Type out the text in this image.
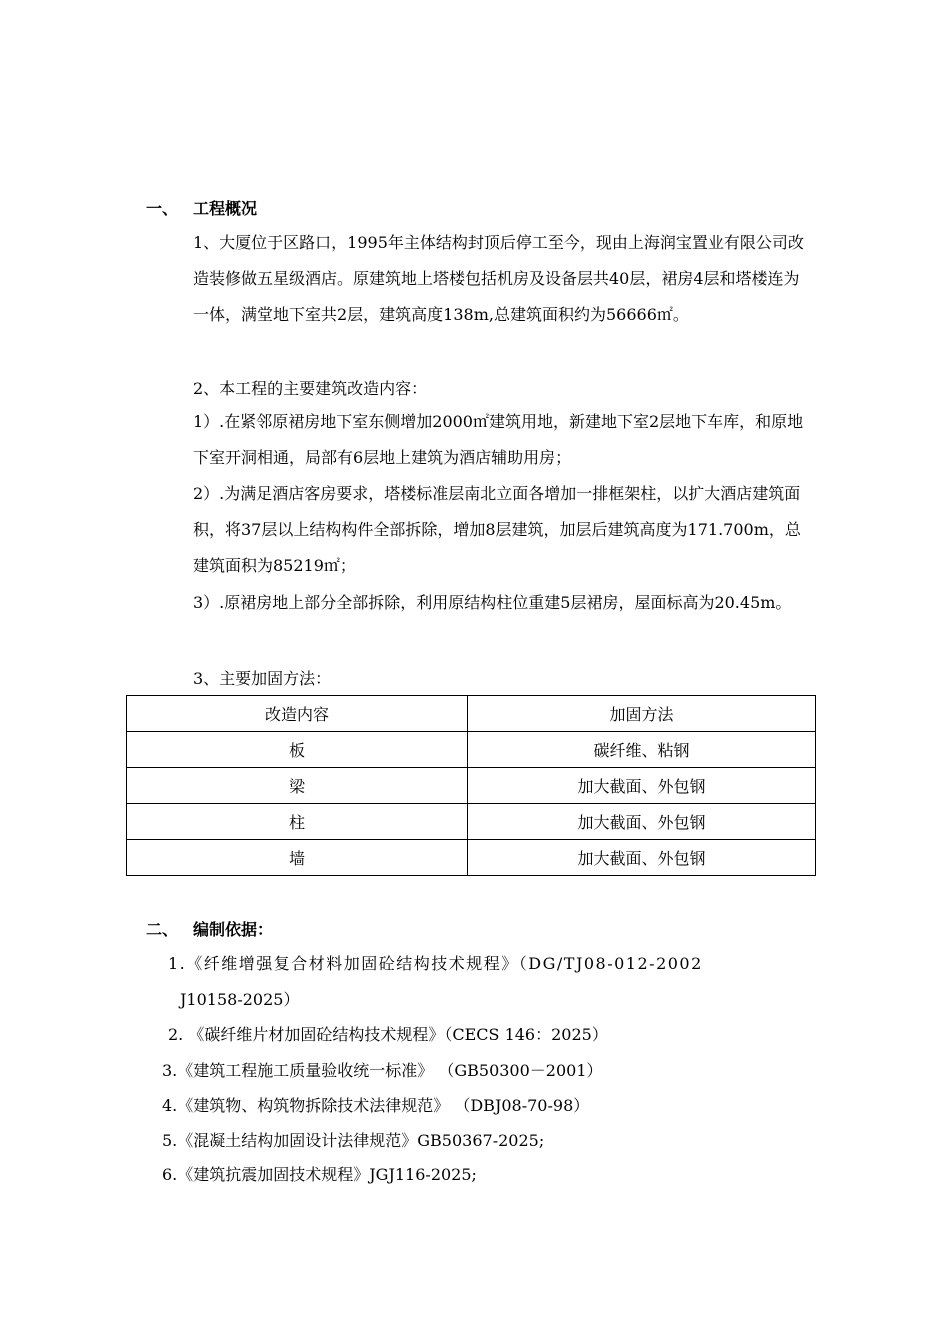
一、 工程概况
1、大厦位于区路口，1995年主体结构封顶后停工至今，现由上海润宝置业有限公司改造装修做五星级酒店。原建筑地上塔楼包括机房及设备层共40层，裙房4层和塔楼连为一体，满堂地下室共2层，建筑高度138m,总建筑面积约为56666㎡。
2、本工程的主要建筑改造内容：
1）.在紧邻原裙房地下室东侧增加2000㎡建筑用地，新建地下室2层地下车库，和原地下室开洞相通，局部有6层地上建筑为酒店辅助用房；
2）.为满足酒店客房要求，塔楼标准层南北立面各增加一排框架柱，以扩大酒店建筑面积，将37层以上结构构件全部拆除，增加8层建筑，加层后建筑高度为171.700m，总建筑面积为85219㎡；
3）.原裙房地上部分全部拆除，利用原结构柱位重建5层裙房，屋面标高为20.45m。
3、主要加固方法：
改造内容	加固方法
板	碳纤维、粘钢
梁	加大截面、外包钢
柱	加大截面、外包钢
墙	加大截面、外包钢
二、 编制依据：
1.《纤维增强复合材料加固砼结构技术规程》（DG/TJ08-012-2002
J10158-2025）
2. 《碳纤维片材加固砼结构技术规程》（CECS 146：2025）
3.《建筑工程施工质量验收统一标准》 （GB50300－2001）
4.《建筑物、构筑物拆除技术法律规范》 （DBJ08-70-98）
5.《混凝土结构加固设计法律规范》GB50367-2025;
6.《建筑抗震加固技术规程》JGJ116-2025;
